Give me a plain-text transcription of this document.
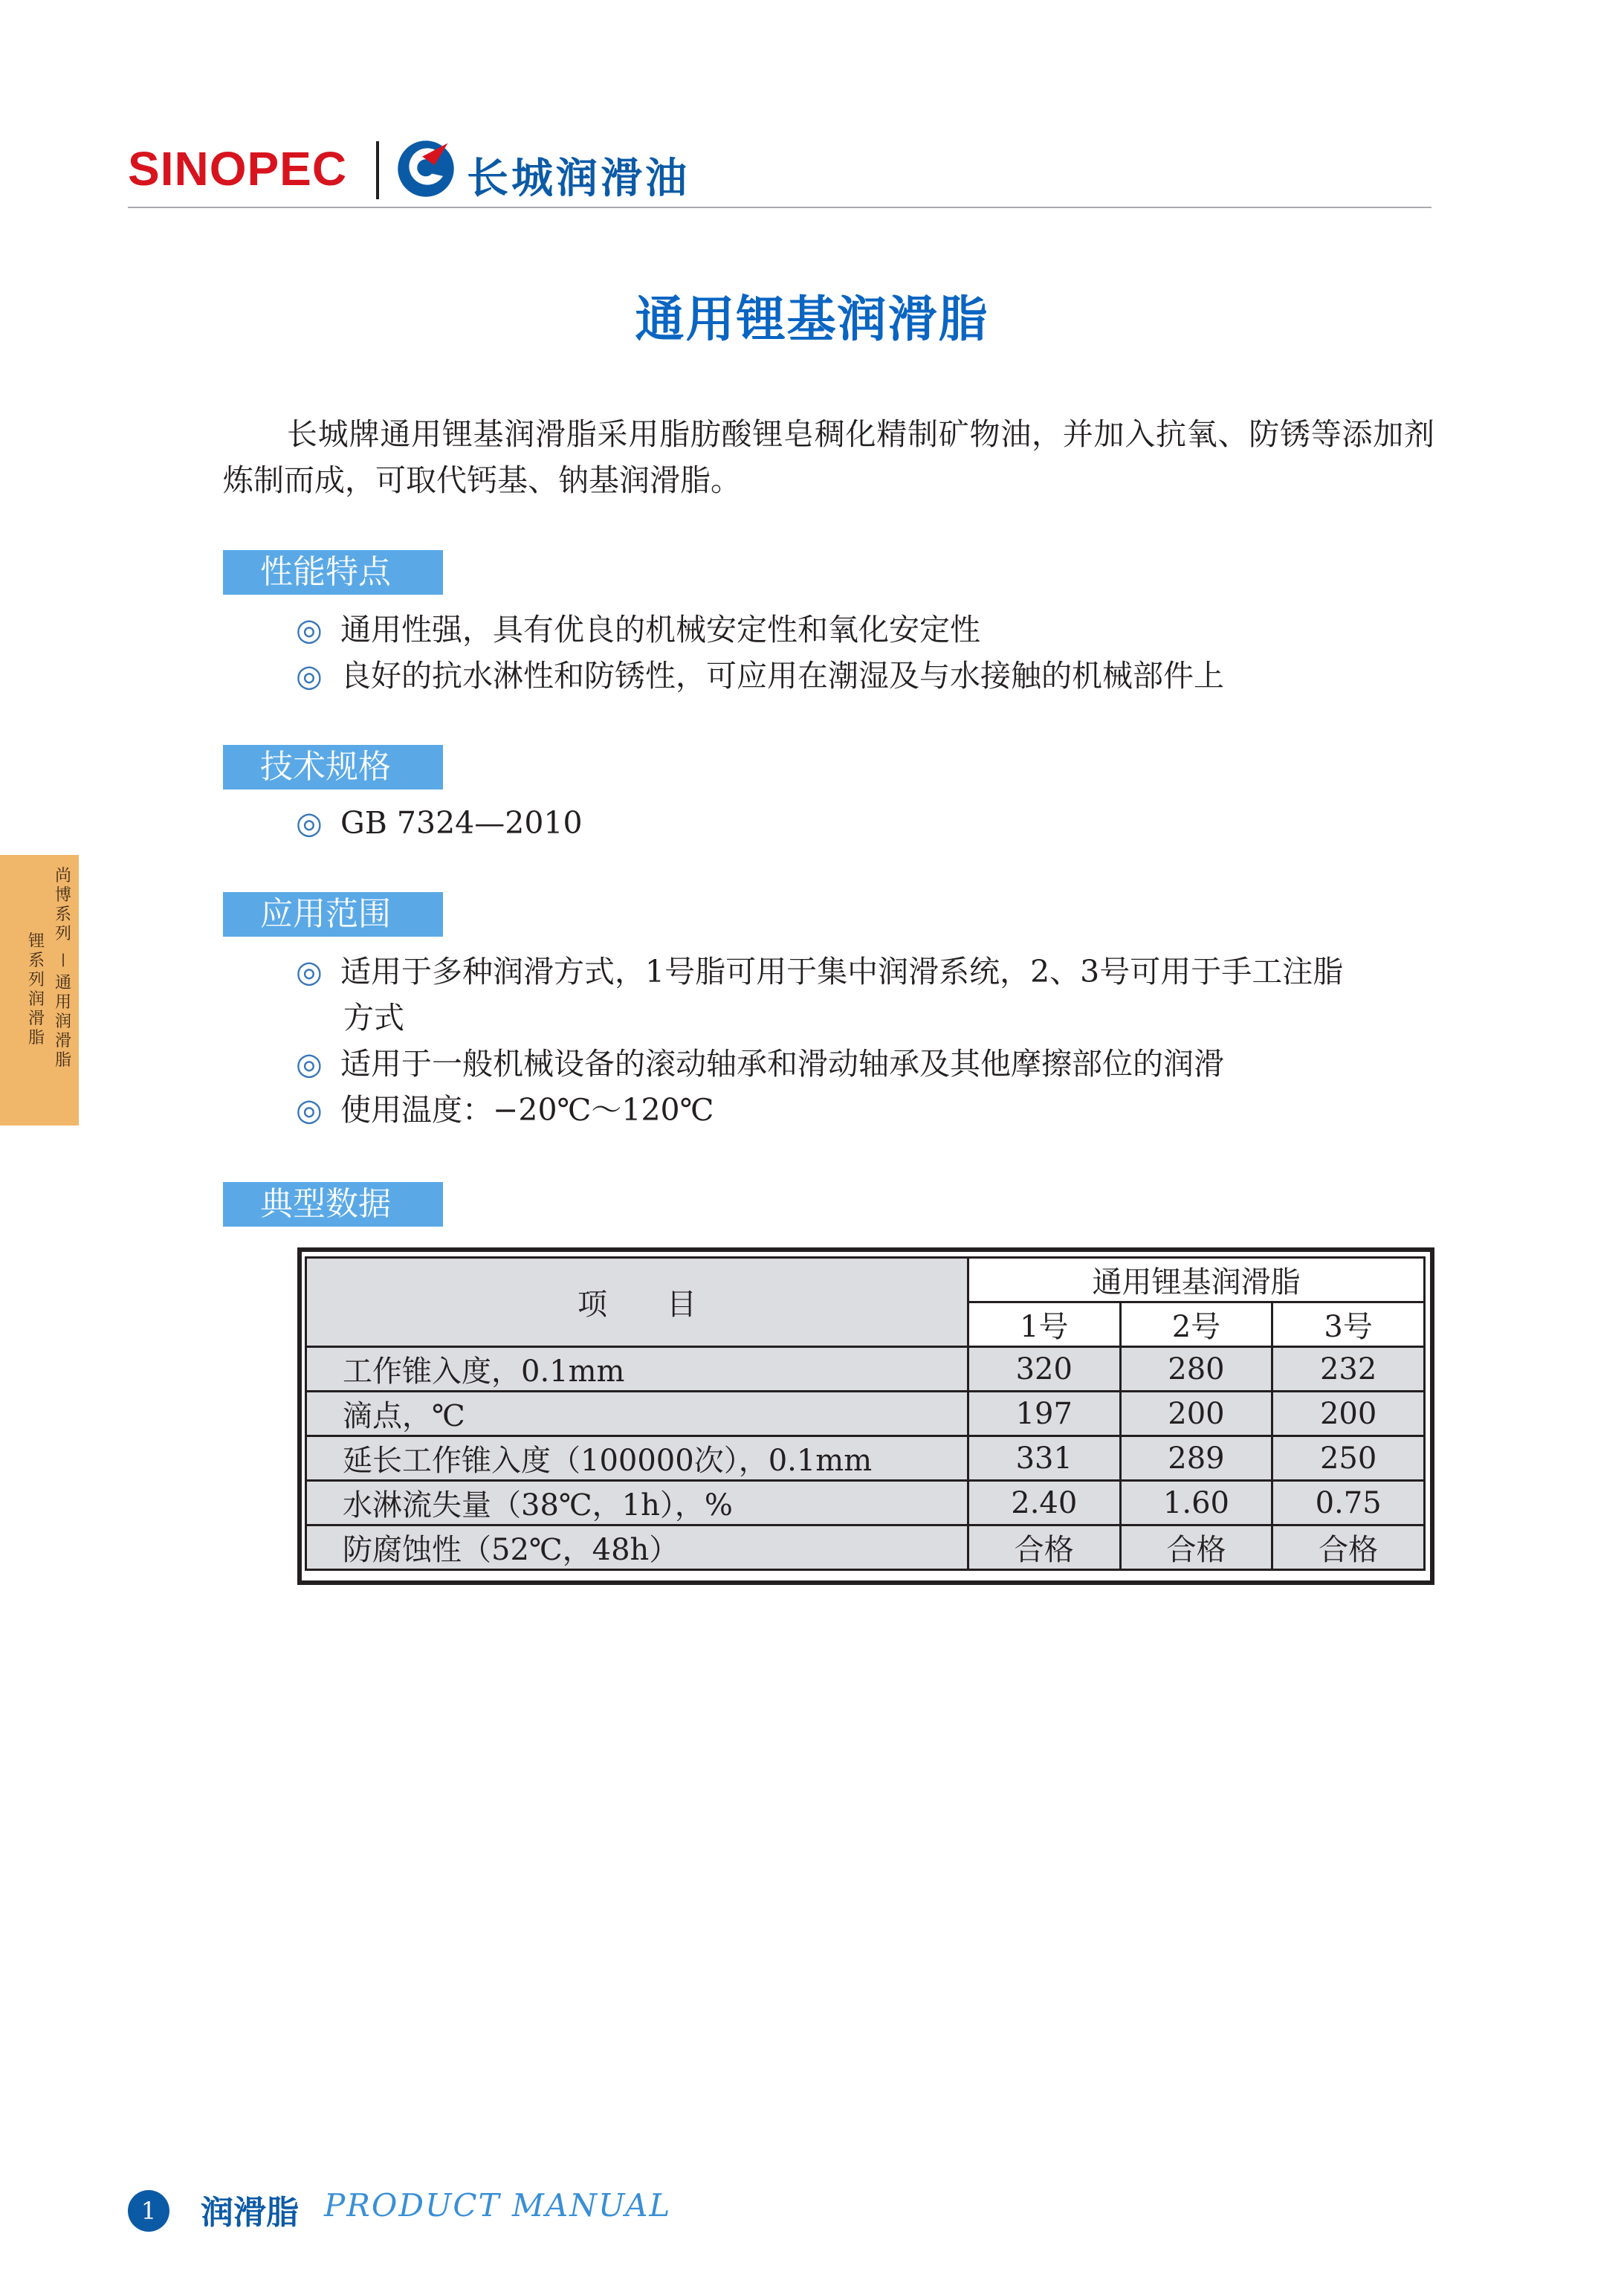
SINOPEC	长城润滑油
通用锂基润滑脂
长城牌通用锂基润滑脂采用脂肪酸锂皂稠化精制矿物油，并加入抗氧、防锈等添加剂炼制而成，可取代钙基、钠基润滑脂。
性能特点
◎ 通用性强，具有优良的机械安定性和氧化安定性
◎ 良好的抗水淋性和防锈性，可应用在潮湿及与水接触的机械部件上
技术规格
◎ GB 7324—2010
应用范围
◎ 适用于多种润滑方式，1号脂可用于集中润滑系统，2、3号可用于手工注脂
方式
◎ 适用于一般机械设备的滚动轴承和滑动轴承及其他摩擦部位的润滑
◎ 使用温度：−20℃～120℃
典型数据
项　　目	通用锂基润滑脂		
	1号	2号	3号
工作锥入度，0.1mm	320	280	232
滴点，℃	197	200	200
延长工作锥入度（100000次），0.1mm	331	289	250
水淋流失量（38℃，1h），%	2.40	1.60	0.75
防腐蚀性（52℃，48h）	合格	合格	合格
尚博系列
|
通用润滑脂
锂系列润滑脂
1	润滑脂 PRODUCT MANUAL
